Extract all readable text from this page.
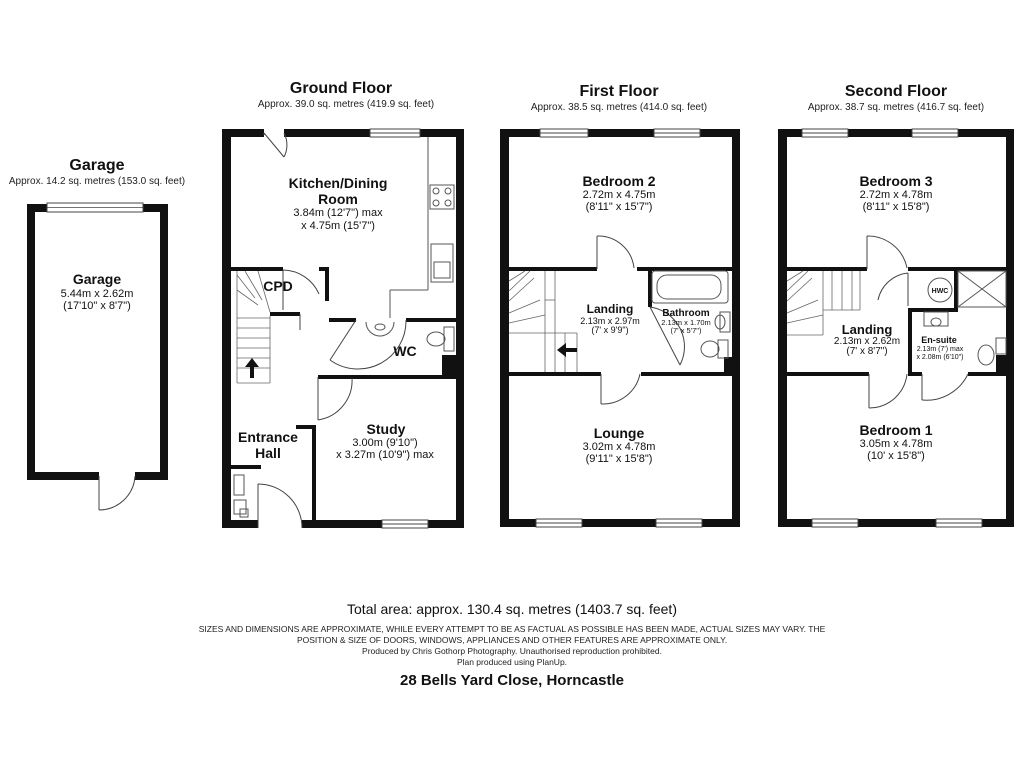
Garage
Approx. 14.2 sq. metres (153.0 sq. feet)
Garage
5.44m x 2.62m
(17'10" x 8'7")
Ground Floor
Approx. 39.0 sq. metres (419.9 sq. feet)
Kitchen/Dining
Room
3.84m (12'7") max
x 4.75m (15'7")
CPD
WC
Entrance
Hall
Study
3.00m (9'10")
x 3.27m (10'9") max
First Floor
Approx. 38.5 sq. metres (414.0 sq. feet)
Bedroom 2
2.72m x 4.75m
(8'11" x 15'7")
Landing
2.13m x 2.97m
(7' x 9'9")
Bathroom
2.13m x 1.70m
(7' x 5'7")
Lounge
3.02m x 4.78m
(9'11" x 15'8")
Second Floor
Approx. 38.7 sq. metres (416.7 sq. feet)
HWC
Bedroom 3
2.72m x 4.78m
(8'11" x 15'8")
Landing
2.13m x 2.62m
(7' x 8'7")
En-suite
2.13m (7') max
x 2.08m (6'10")
Bedroom 1
3.05m x 4.78m
(10' x 15'8")
Total area: approx. 130.4 sq. metres (1403.7 sq. feet)
SIZES AND DIMENSIONS ARE APPROXIMATE, WHILE EVERY ATTEMPT TO BE AS FACTUAL AS POSSIBLE HAS BEEN MADE, ACTUAL SIZES MAY VARY. THE
POSITION & SIZE OF DOORS, WINDOWS, APPLIANCES AND OTHER FEATURES ARE APPROXIMATE ONLY.
Produced by Chris Gothorp Photography. Unauthorised reproduction prohibited.
Plan produced using PlanUp.
28 Bells Yard Close, Horncastle
